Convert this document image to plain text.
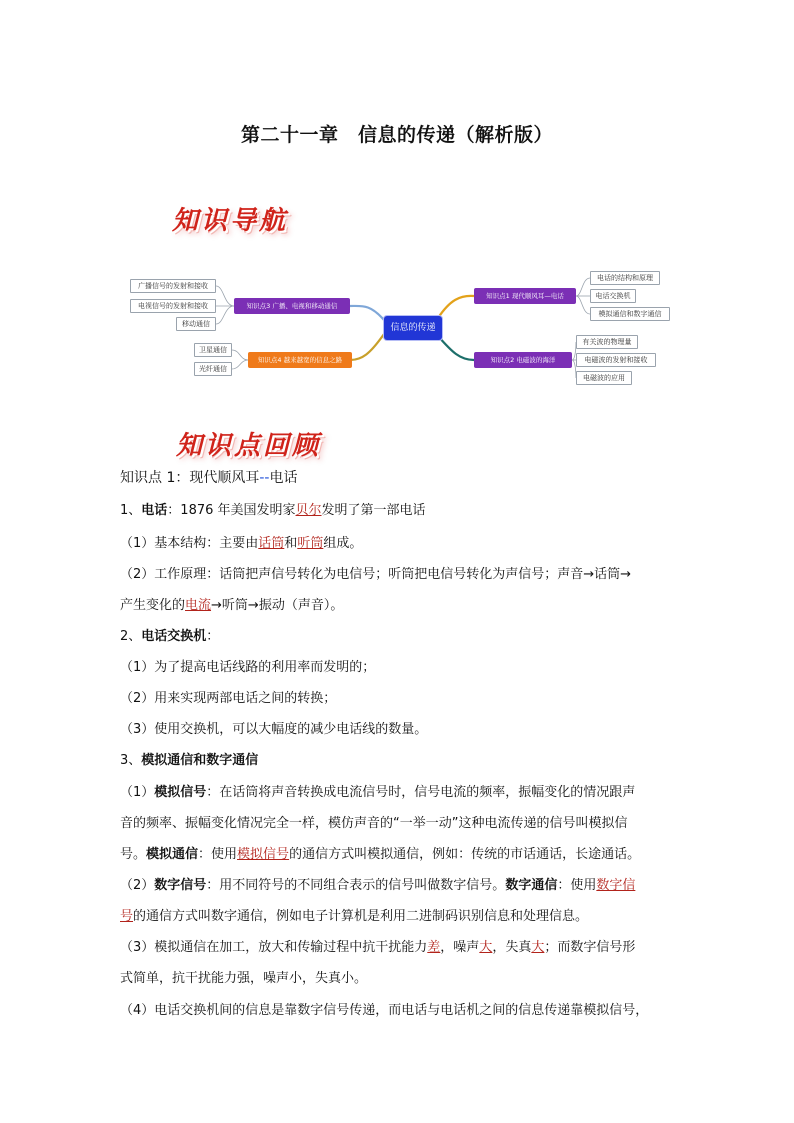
第二十一章　信息的传递（解析版）
知识导航
信息的传递
知识点1 现代顺风耳—电话
电话的结构和原理
电话交换机
模拟通信和数字通信
知识点2 电磁波的海洋
有关波的物理量
电磁波的发射和接收
电磁波的应用
知识点3 广播、电视和移动通信
广播信号的发射和接收
电视信号的发射和接收
移动通信
知识点4 越来越宽的信息之路
卫星通信
光纤通信
知识点回顾
知识点 1：现代顺风耳--电话
1、电话：1876 年美国发明家贝尔发明了第一部电话
（1）基本结构：主要由话筒和听筒组成。
（2）工作原理：话筒把声信号转化为电信号；听筒把电信号转化为声信号；声音→话筒→
产生变化的电流→听筒→振动（声音）。
2、电话交换机：
（1）为了提高电话线路的利用率而发明的；
（2）用来实现两部电话之间的转换；
（3）使用交换机，可以大幅度的减少电话线的数量。
3、模拟通信和数字通信
（1）模拟信号：在话筒将声音转换成电流信号时，信号电流的频率，振幅变化的情况跟声
音的频率、振幅变化情况完全一样，模仿声音的“一举一动”这种电流传递的信号叫模拟信
号。模拟通信：使用模拟信号的通信方式叫模拟通信，例如：传统的市话通话，长途通话。
（2）数字信号：用不同符号的不同组合表示的信号叫做数字信号。数字通信：使用数字信
号的通信方式叫数字通信，例如电子计算机是利用二进制码识别信息和处理信息。
（3）模拟通信在加工，放大和传输过程中抗干扰能力差，噪声大，失真大；而数字信号形
式简单，抗干扰能力强，噪声小，失真小。
（4）电话交换机间的信息是靠数字信号传递，而电话与电话机之间的信息传递靠模拟信号，
